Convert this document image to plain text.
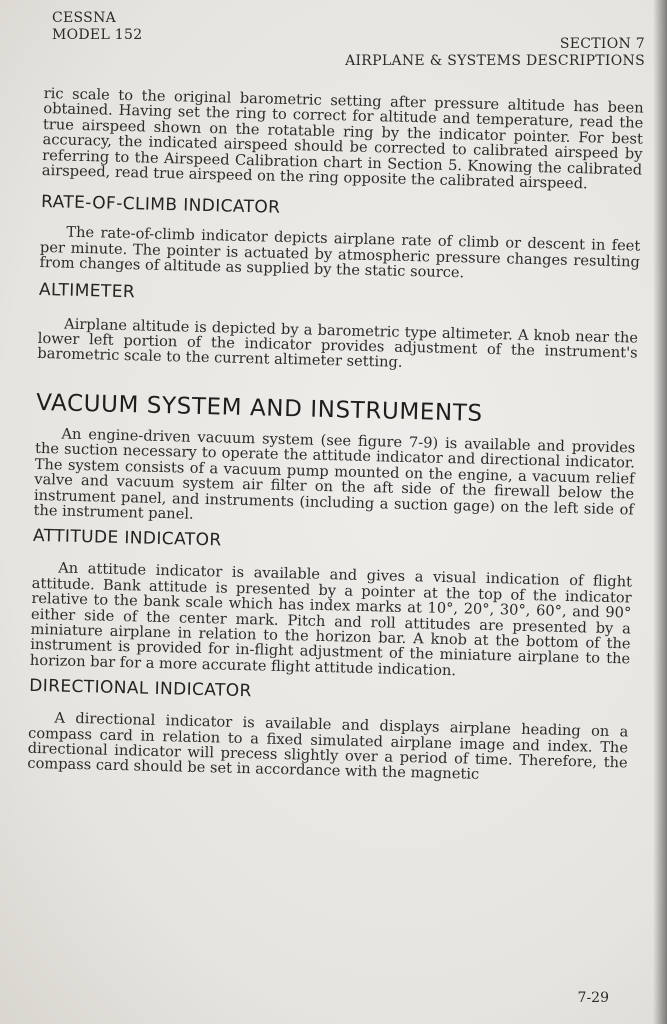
CESSNA
MODEL 152
SECTION 7
AIRPLANE & SYSTEMS DESCRIPTIONS

ric scale to the original barometric setting after pressure altitude has been obtained. Having set the ring to correct for altitude and temperature, read the true airspeed shown on the rotatable ring by the indicator pointer. For best accuracy, the indicated airspeed should be corrected to calibrated airspeed by referring to the Airspeed Calibration chart in Section 5. Knowing the calibrated airspeed, read true airspeed on the ring opposite the calibrated airspeed.

RATE-OF-CLIMB INDICATOR

The rate-of-climb indicator depicts airplane rate of climb or descent in feet per minute. The pointer is actuated by atmospheric pressure changes resulting from changes of altitude as supplied by the static source.

ALTIMETER

Airplane altitude is depicted by a barometric type altimeter. A knob near the lower left portion of the indicator provides adjustment of the instrument's barometric scale to the current altimeter setting.

VACUUM SYSTEM AND INSTRUMENTS

An engine-driven vacuum system (see figure 7-9) is available and provides the suction necessary to operate the attitude indicator and directional indicator. The system consists of a vacuum pump mounted on the engine, a vacuum relief valve and vacuum system air filter on the aft side of the firewall below the instrument panel, and instruments (including a suction gage) on the left side of the instrument panel.

ATTITUDE INDICATOR

An attitude indicator is available and gives a visual indication of flight attitude. Bank attitude is presented by a pointer at the top of the indicator relative to the bank scale which has index marks at 10°, 20°, 30°, 60°, and 90° either side of the center mark. Pitch and roll attitudes are presented by a miniature airplane in relation to the horizon bar. A knob at the bottom of the instrument is provided for in-flight adjustment of the miniature airplane to the horizon bar for a more accurate flight attitude indication.

DIRECTIONAL INDICATOR

A directional indicator is available and displays airplane heading on a compass card in relation to a fixed simulated airplane image and index. The directional indicator will precess slightly over a period of time. Therefore, the compass card should be set in accordance with the magnetic

7-29
